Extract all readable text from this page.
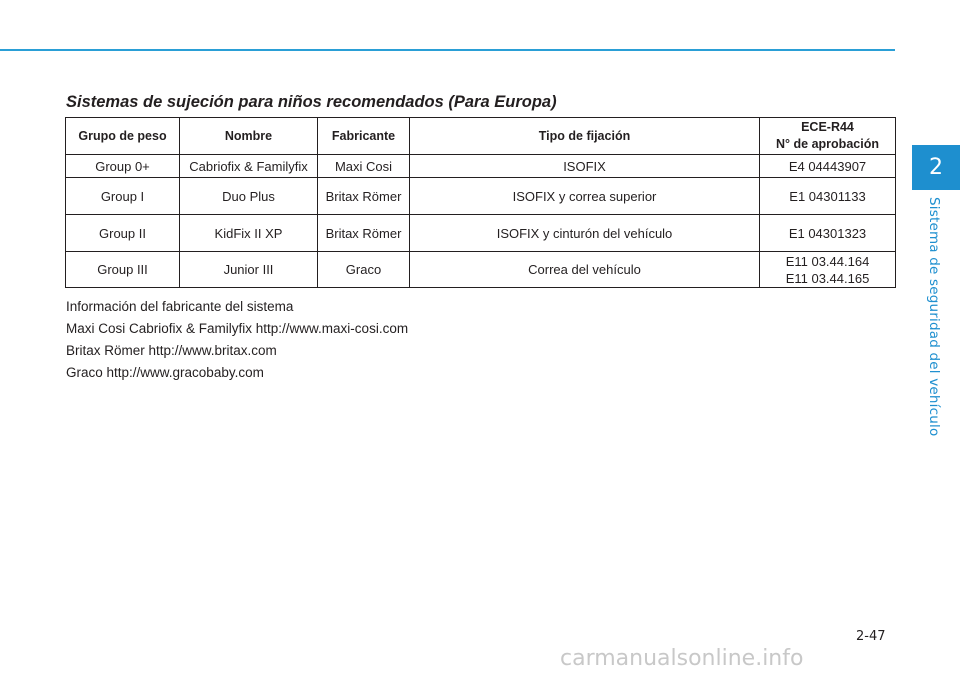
2
Sistema de seguridad del vehículo
Sistemas de sujeción para niños recomendados (Para Europa)
Grupo de peso	Nombre	Fabricante	Tipo de fijación	ECE-R44
N° de aprobación

Group 0+	Cabriofix & Familyfix	Maxi Cosi	ISOFIX	E4 04443907
Group I	Duo Plus	Britax Römer	ISOFIX y correa superior	E1 04301133
Group II	KidFix II XP	Britax Römer	ISOFIX y cinturón del vehículo	E1 04301323
Group III	Junior III	Graco	Correa del vehículo	E11 03.44.164
E11 03.44.165

Información del fabricante del sistema

Maxi Cosi Cabriofix & Familyfix http://www.maxi-cosi.com

Britax Römer http://www.britax.com

Graco http://www.gracobaby.com

2-47
carmanualsonline.info
